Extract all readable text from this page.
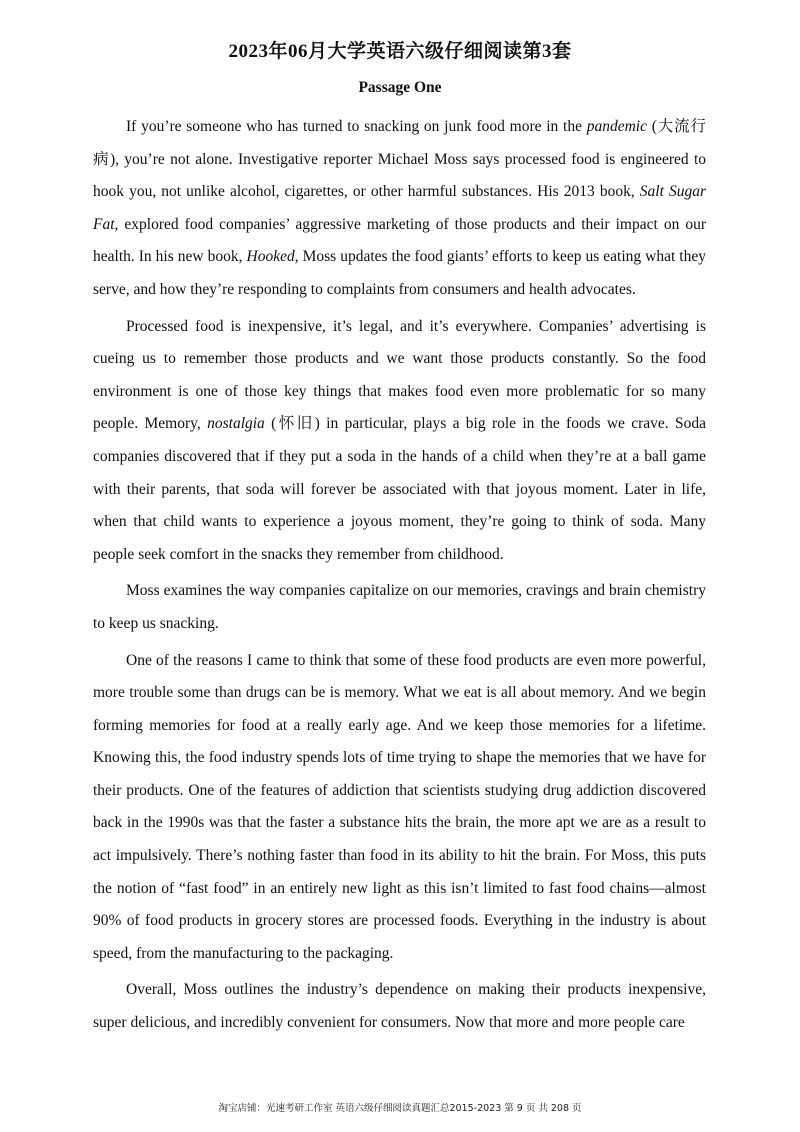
2023年06月大学英语六级仔细阅读第3套
Passage One

If you’re someone who has turned to snacking on junk food more in the pandemic (大流行病), you’re not alone. Investigative reporter Michael Moss says processed food is engineered to hook you, not unlike alcohol, cigarettes, or other harmful substances. His 2013 book, Salt Sugar Fat, explored food companies’ aggressive marketing of those products and their impact on our health. In his new book, Hooked, Moss updates the food giants’ efforts to keep us eating what they serve, and how they’re responding to complaints from consumers and health advocates.

Processed food is inexpensive, it’s legal, and it’s everywhere. Companies’ advertising is cueing us to remember those products and we want those products constantly. So the food environment is one of those key things that makes food even more problematic for so many people. Memory, nostalgia (怀旧) in particular, plays a big role in the foods we crave. Soda companies discovered that if they put a soda in the hands of a child when they’re at a ball game with their parents, that soda will forever be associated with that joyous moment. Later in life, when that child wants to experience a joyous moment, they’re going to think of soda. Many people seek comfort in the snacks they remember from childhood.

Moss examines the way companies capitalize on our memories, cravings and brain chemistry to keep us snacking.

One of the reasons I came to think that some of these food products are even more powerful, more trouble some than drugs can be is memory. What we eat is all about memory. And we begin forming memories for food at a really early age. And we keep those memories for a lifetime. Knowing this, the food industry spends lots of time trying to shape the memories that we have for their products. One of the features of addiction that scientists studying drug addiction discovered back in the 1990s was that the faster a substance hits the brain, the more apt we are as a result to act impulsively. There’s nothing faster than food in its ability to hit the brain. For Moss, this puts the notion of “fast food” in an entirely new light as this isn’t limited to fast food chains—almost 90% of food products in grocery stores are processed foods. Everything in the industry is about speed, from the manufacturing to the packaging.

Overall, Moss outlines the industry’s dependence on making their products inexpensive, super delicious, and incredibly convenient for consumers. Now that more and more people care

淘宝店铺：光速考研工作室 英语六级仔细阅读真题汇总2015-2023 第 9 页 共 208 页
